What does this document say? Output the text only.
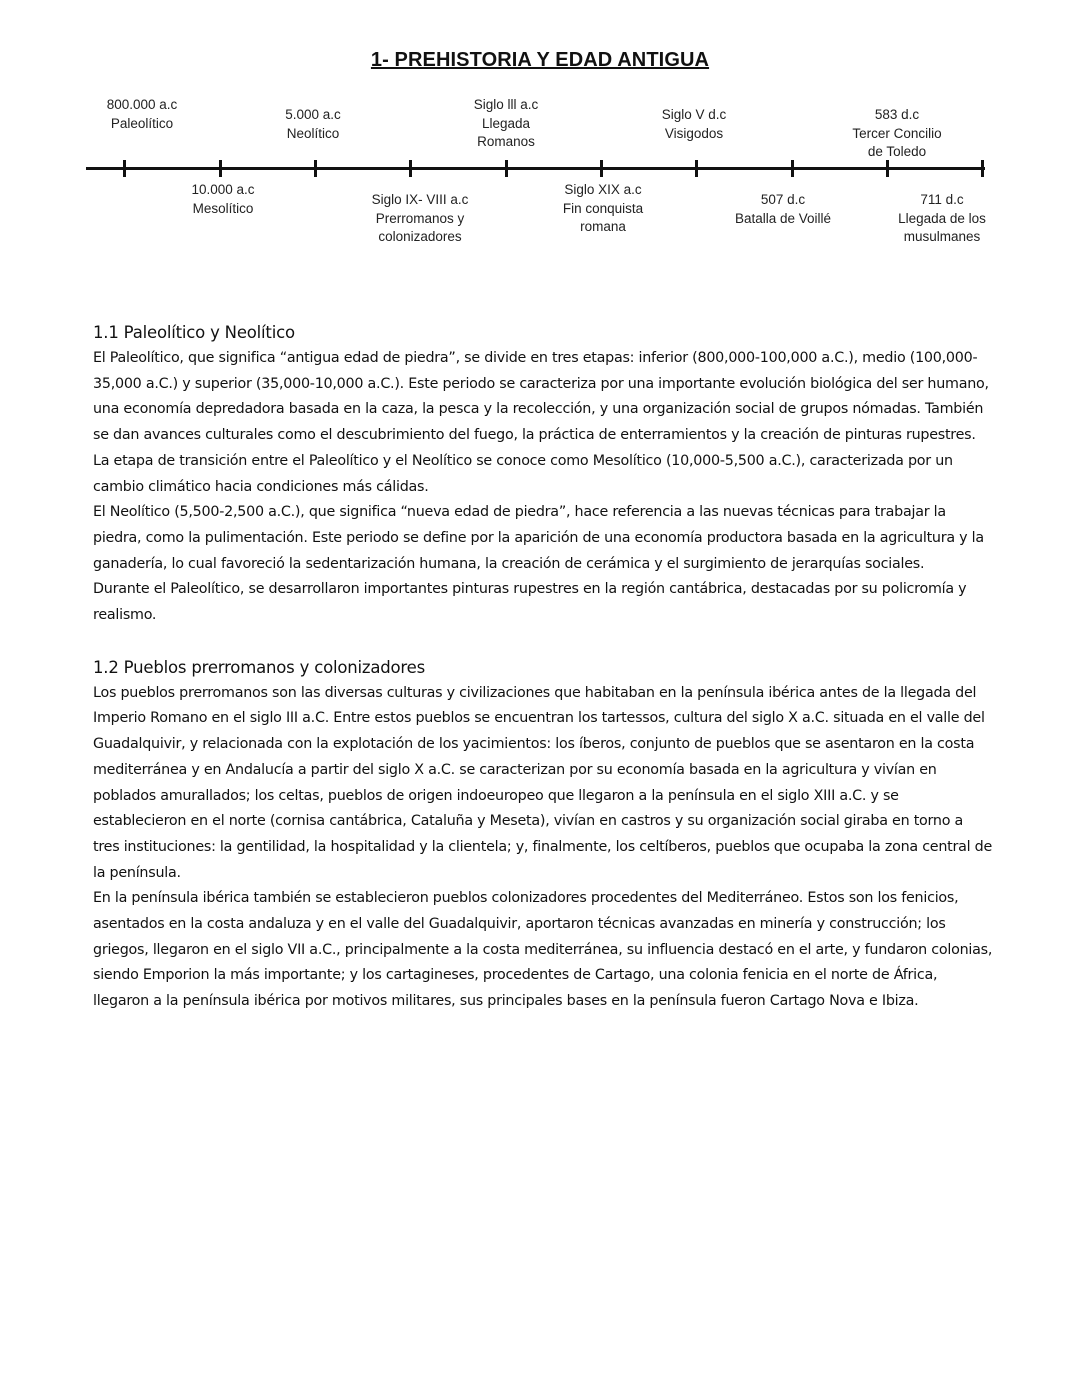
1- PREHISTORIA Y EDAD ANTIGUA
800.000 a.c
Paleolítico
5.000 a.c
Neolítico
Siglo lll a.c
Llegada
Romanos
Siglo V d.c
Visigodos
583 d.c
Tercer Concilio
de Toledo
10.000 a.c
Mesolítico
Siglo IX- VIII a.c
Prerromanos y
colonizadores
Siglo XIX a.c
Fin conquista
romana
507 d.c
Batalla de Voillé
711 d.c
Llegada de los
musulmanes
1.1 Paleolítico y Neolítico

El Paleolítico, que significa “antigua edad de piedra”, se divide en tres etapas: inferior (800,000-100,000 a.C.), medio (100,000-35,000 a.C.) y superior (35,000-10,000 a.C.). Este periodo se caracteriza por una importante evolución biológica del ser humano, una economía depredadora basada en la caza, la pesca y la recolección, y una organización social de grupos nómadas. También se dan avances culturales como el descubrimiento del fuego, la práctica de enterramientos y la creación de pinturas rupestres.

La etapa de transición entre el Paleolítico y el Neolítico se conoce como Mesolítico (10,000-5,500 a.C.), caracterizada por un cambio climático hacia condiciones más cálidas.

El Neolítico (5,500-2,500 a.C.), que significa “nueva edad de piedra”, hace referencia a las nuevas técnicas para trabajar la piedra, como la pulimentación. Este periodo se define por la aparición de una economía productora basada en la agricultura y la ganadería, lo cual favoreció la sedentarización humana, la creación de cerámica y el surgimiento de jerarquías sociales.

Durante el Paleolítico, se desarrollaron importantes pinturas rupestres en la región cantábrica, destacadas por su policromía y realismo.

1.2 Pueblos prerromanos y colonizadores

Los pueblos prerromanos son las diversas culturas y civilizaciones que habitaban en la península ibérica antes de la llegada del Imperio Romano en el siglo III a.C. Entre estos pueblos se encuentran los tartessos, cultura del siglo X a.C. situada en el valle del Guadalquivir, y relacionada con la explotación de los yacimientos: los íberos, conjunto de pueblos que se asentaron en la costa mediterránea y en Andalucía a partir del siglo X a.C. se caracterizan por su economía basada en la agricultura y vivían en poblados amurallados; los celtas, pueblos de origen indoeuropeo que llegaron a la península en el siglo XIII a.C. y se establecieron en el norte (cornisa cantábrica, Cataluña y Meseta), vivían en castros y su organización social giraba en torno a tres instituciones: la gentilidad, la hospitalidad y la clientela; y, finalmente, los celtíberos, pueblos que ocupaba la zona central de la península.

En la península ibérica también se establecieron pueblos colonizadores procedentes del Mediterráneo. Estos son los fenicios, asentados en la costa andaluza y en el valle del Guadalquivir, aportaron técnicas avanzadas en minería y construcción; los griegos, llegaron en el siglo VII a.C., principalmente a la costa mediterránea, su influencia destacó en el arte, y fundaron colonias, siendo Emporion la más importante; y los cartagineses, procedentes de Cartago, una colonia fenicia en el norte de África, llegaron a la península ibérica por motivos militares, sus principales bases en la península fueron Cartago Nova e Ibiza.
